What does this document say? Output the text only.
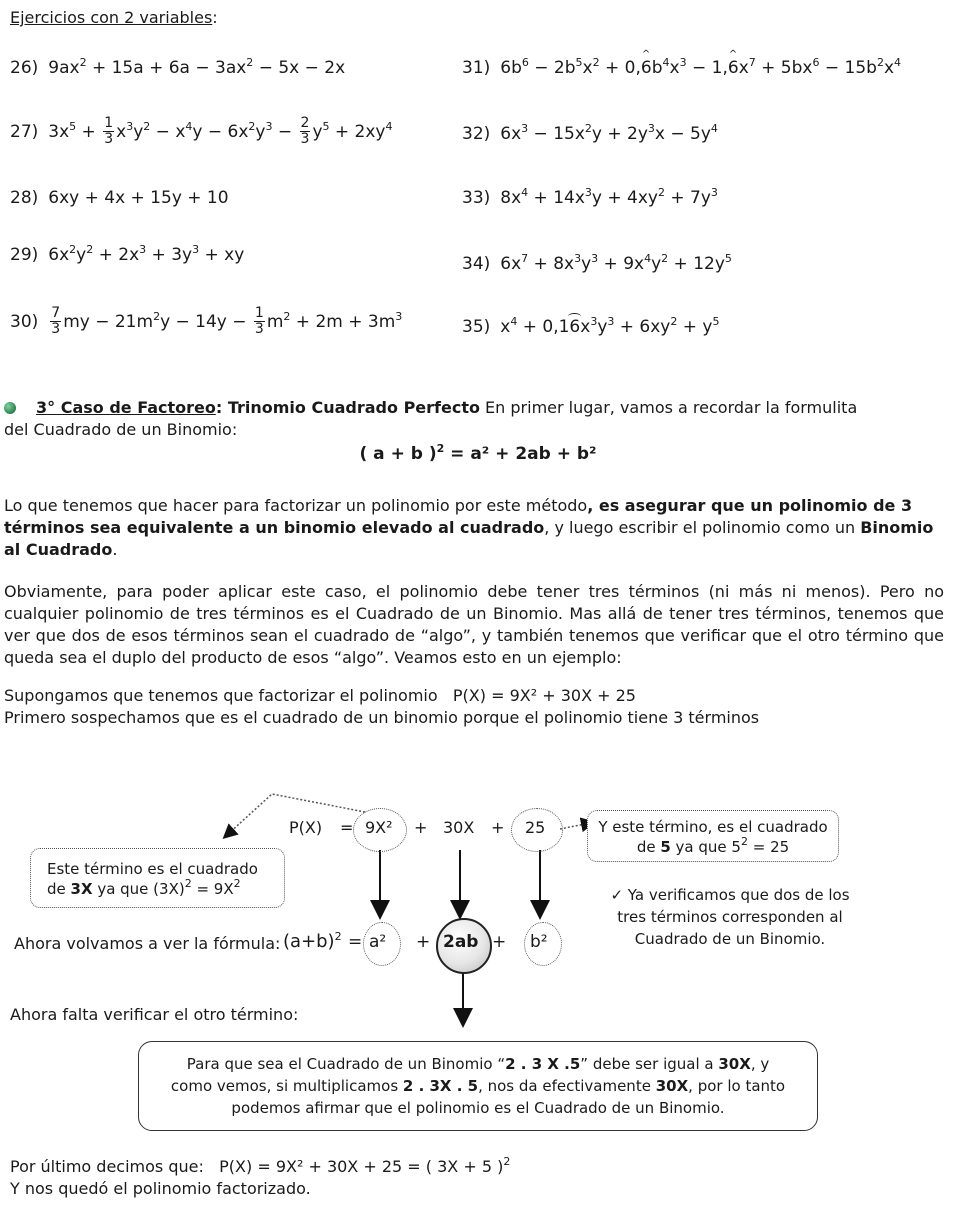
Ejercicios con 2 variables:
26) $9ax^2 + 15a + 6a - 3ax^2 - 5x - 2x$
27) $3x^5 + \frac{1}{3} x^3y^2 - x^4y - 6x^2y^3 - \frac{2}{3} y^5 + 2xy^4$
28) 6xy + 4x + 15y + 10
29) $6x^2y^2 + 2x^3 + 3y^3$ + xy
$30) \frac{7}{3}$ my − $21m^2y - 14y - \frac{1}{3} m^2 + 2m + 3m^3$
31) $6b^6 - 2b^5x^2$ + 0,^ $6b^4x^3$ − 1,^ $6x^7 + 5bx^6 - 15b^2x^4$
32) $6x^3 - 15x^2y + 2y^3x - 5y^4$
33) $8x^4 + 14x^3y + 4xy^2 + 7y^3$
34) $6x^7 + 8x^3y^3 + 9x^4y^2 + 12y^5$
35) $x^4 + 0,16x^3y^3 + 6xy^2 + y^5$
3° Caso de Factoreo: Trinomio Cuadrado Perfecto En primer lugar, vamos a recordar la formulita
del Cuadrado de un Binomio:
( a + b )$^2$ = a² + 2ab + b²
Lo que tenemos que hacer para factorizar un polinomio por este método, es asegurar que un polinomio de 3 términos sea equivalente a un binomio elevado al cuadrado, y luego escribir el polinomio como un Binomio al Cuadrado.
Obviamente, para poder aplicar este caso, el polinomio debe tener tres términos (ni más ni menos). Pero no cualquier polinomio de tres términos es el Cuadrado de un Binomio. Mas allá de tener tres términos, tenemos que ver que dos de esos términos sean el cuadrado de “algo”, y también tenemos que verificar que el otro término que queda sea el duplo del producto de esos “algo”. Veamos esto en un ejemplo:
Supongamos que tenemos que factorizar el polinomio P(X) = 9X² + 30X + 25
Primero sospechamos que es el cuadrado de un binomio porque el polinomio tiene 3 términos
P(X) = 9X² + 30X + 25
Este término es el cuadrado
de 3X ya que $(3X)^2 = 9X^2$
Y este término, es el cuadrado
de 5 ya que $5^2 = 25$
✓ Ya verificamos que dos de los
tres términos corresponden al
Cuadrado de un Binomio.
Ahora volvamos a ver la fórmula: $(a+b)^2 = a^2 + 2ab + b^2$
Ahora falta verificar el otro término:
Para que sea el Cuadrado de un Binomio “2 . 3 X .5” debe ser igual a 30X, y
como vemos, si multiplicamos 2 . 3X . 5, nos da efectivamente 30X, por lo tanto
podemos afirmar que el polinomio es el Cuadrado de un Binomio.
Por último decimos que: P(X) = 9X² + 30X + 25 = ( 3X + 5 )$^2$
Y nos quedó el polinomio factorizado.
